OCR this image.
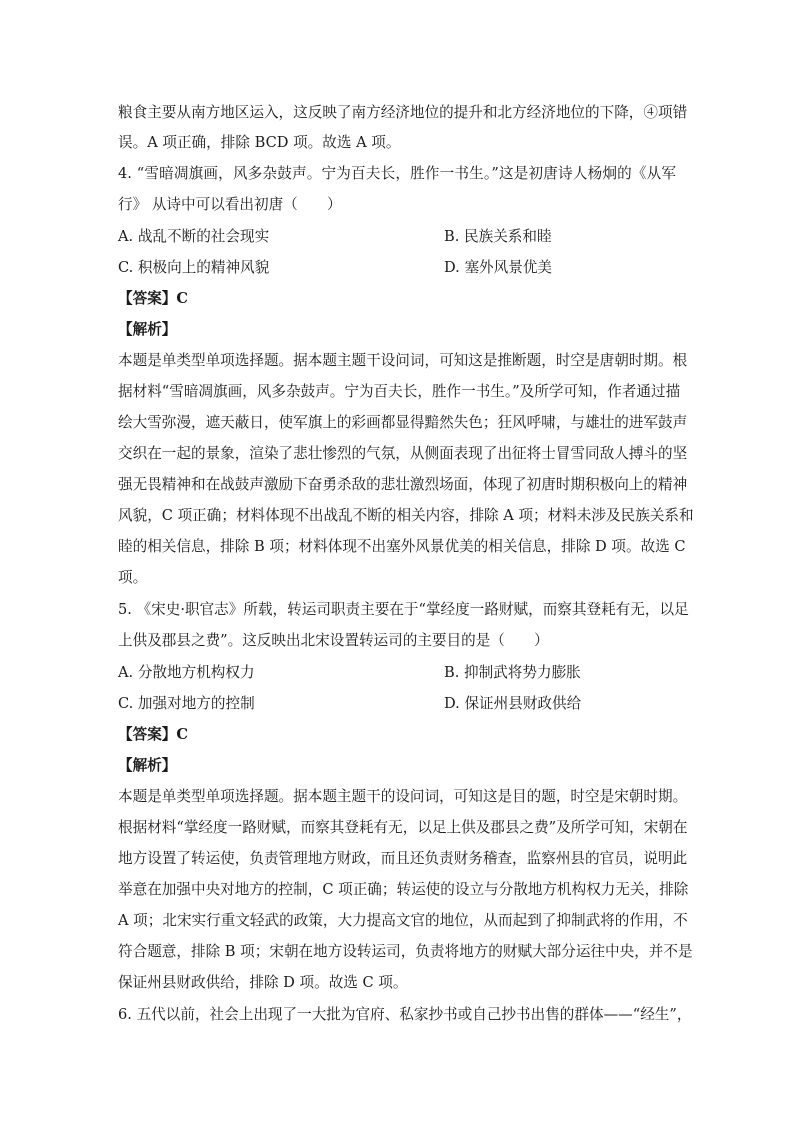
粮食主要从南方地区运入，这反映了南方经济地位的提升和北方经济地位的下降，④项错
误。A 项正确，排除 BCD 项。故选 A 项。
4. “雪暗凋旗画，风多杂鼓声。宁为百夫长，胜作一书生。”这是初唐诗人杨炯的《从军
行》 从诗中可以看出初唐（　　）
A. 战乱不断的社会现实	B. 民族关系和睦
C. 积极向上的精神风貌	D. 塞外风景优美
【答案】C
【解析】
本题是单类型单项选择题。据本题主题干设问词，可知这是推断题，时空是唐朝时期。根
据材料“雪暗凋旗画，风多杂鼓声。宁为百夫长，胜作一书生。”及所学可知，作者通过描
绘大雪弥漫，遮天蔽日，使军旗上的彩画都显得黯然失色；狂风呼啸，与雄壮的进军鼓声
交织在一起的景象，渲染了悲壮惨烈的气氛，从侧面表现了出征将士冒雪同敌人搏斗的坚
强无畏精神和在战鼓声激励下奋勇杀敌的悲壮激烈场面，体现了初唐时期积极向上的精神
风貌，C 项正确；材料体现不出战乱不断的相关内容，排除 A 项；材料未涉及民族关系和
睦的相关信息，排除 B 项；材料体现不出塞外风景优美的相关信息，排除 D 项。故选 C
项。
5. 《宋史·职官志》所载，转运司职责主要在于“掌经度一路财赋，而察其登耗有无，以足
上供及郡县之费”。这反映出北宋设置转运司的主要目的是（　　）
A. 分散地方机构权力	B. 抑制武将势力膨胀
C. 加强对地方的控制	D. 保证州县财政供给
【答案】C
【解析】
本题是单类型单项选择题。据本题主题干的设问词，可知这是目的题，时空是宋朝时期。
根据材料“掌经度一路财赋，而察其登耗有无，以足上供及郡县之费”及所学可知，宋朝在
地方设置了转运使，负责管理地方财政，而且还负责财务稽查，监察州县的官员，说明此
举意在加强中央对地方的控制，C 项正确；转运使的设立与分散地方机构权力无关，排除
A 项；北宋实行重文轻武的政策，大力提高文官的地位，从而起到了抑制武将的作用，不
符合题意，排除 B 项；宋朝在地方设转运司，负责将地方的财赋大部分运往中央，并不是
保证州县财政供给，排除 D 项。故选 C 项。
6. 五代以前，社会上出现了一大批为官府、私家抄书或自己抄书出售的群体——“经生”，
